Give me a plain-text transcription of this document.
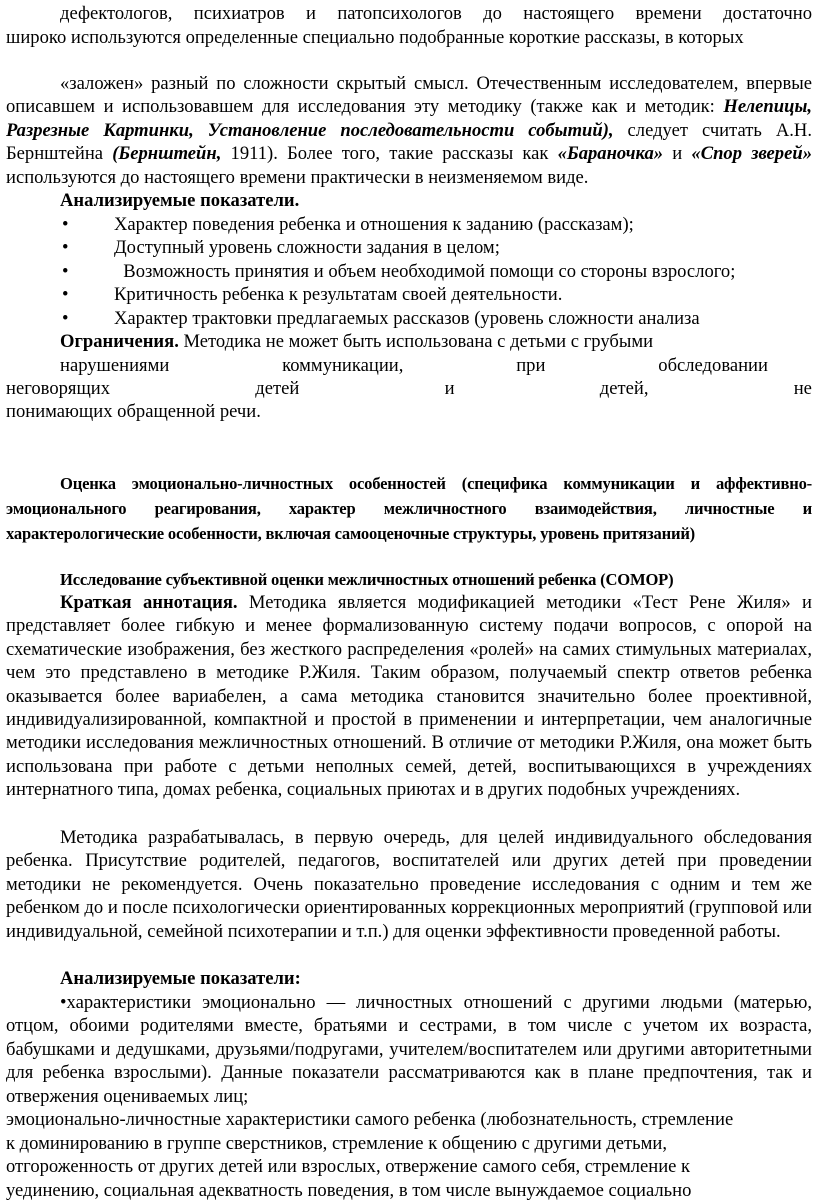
дефектологов, психиатров и патопсихологов до настоящего времени достаточно

широко используются определенные специально подобранные короткие рассказы, в которых

«заложен» разный по сложности скрытый смысл. Отечественным исследователем, впервые описавшем и использовавшем для исследования эту методику (также как и методик: Нелепицы, Разрезные Картинки, Установление последовательности событий), следует считать А.Н. Бернштейна (Бернштейн, 1911). Более того, такие рассказы как «Бараночка» и «Спор зверей» используются до настоящего времени практически в неизменяемом виде.

Анализируемые показатели.

• Характер поведения ребенка и отношения к заданию (рассказам);

• Доступный уровень сложности задания в целом;

•  Возможность принятия и объем необходимой помощи со стороны взрослого;

• Критичность ребенка к результатам своей деятельности.

• Характер трактовки предлагаемых рассказов (уровень сложности анализа

Ограничения. Методика не может быть использована с детьми с грубыми

нарушениями	коммуникации,	при	обследовании
неговорящих	детей	и	детей,	не

понимающих обращенной речи.

Оценка эмоционально-личностных особенностей (специфика коммуникации и аффективно-эмоционального реагирования, характер межличностного взаимодействия, личностные и характерологические особенности, включая самооценочные структуры, уровень притязаний)

Исследование субъективной оценки межличностных отношений ребенка (СОМОР)

Краткая аннотация. Методика является модификацией методики «Тест Рене Жиля» и представляет более гибкую и менее формализованную систему подачи вопросов, с опорой на схематические изображения, без жесткого распределения «ролей» на самих стимульных материалах, чем это представлено в методике Р.Жиля. Таким образом, получаемый спектр ответов ребенка оказывается более вариабелен, а сама методика становится значительно более проективной, индивидуализированной, компактной и простой в применении и интерпретации, чем аналогичные методики исследования межличностных отношений. В отличие от методики Р.Жиля, она может быть использована при работе с детьми неполных семей, детей, воспитывающихся в учреждениях интернатного типа, домах ребенка, социальных приютах и в других подобных учреждениях.

Методика разрабатывалась, в первую очередь, для целей индивидуального обследования ребенка. Присутствие родителей, педагогов, воспитателей или других детей при проведении методики не рекомендуется. Очень показательно проведение исследования с одним и тем же ребенком до и после психологически ориентированных коррекционных мероприятий (групповой или индивидуальной, семейной психотерапии и т.п.) для оценки эффективности проведенной работы.

Анализируемые показатели:

•характеристики эмоционально — личностных отношений с другими людьми (матерью, отцом, обоими родителями вместе, братьями и сестрами, в том числе с учетом их возраста, бабушками и дедушками, друзьями/подругами, учителем/воспитателем или другими авторитетными для ребенка взрослыми). Данные показатели рассматриваются как в плане предпочтения, так и отвержения оцениваемых лиц;

эмоционально-личностные характеристики самого ребенка (любознательность, стремление

к доминированию в группе сверстников, стремление к общению с другими детьми,

отгороженность от других детей или взрослых, отвержение самого себя, стремление к

уединению, социальная адекватность поведения, в том числе вынуждаемое социально
